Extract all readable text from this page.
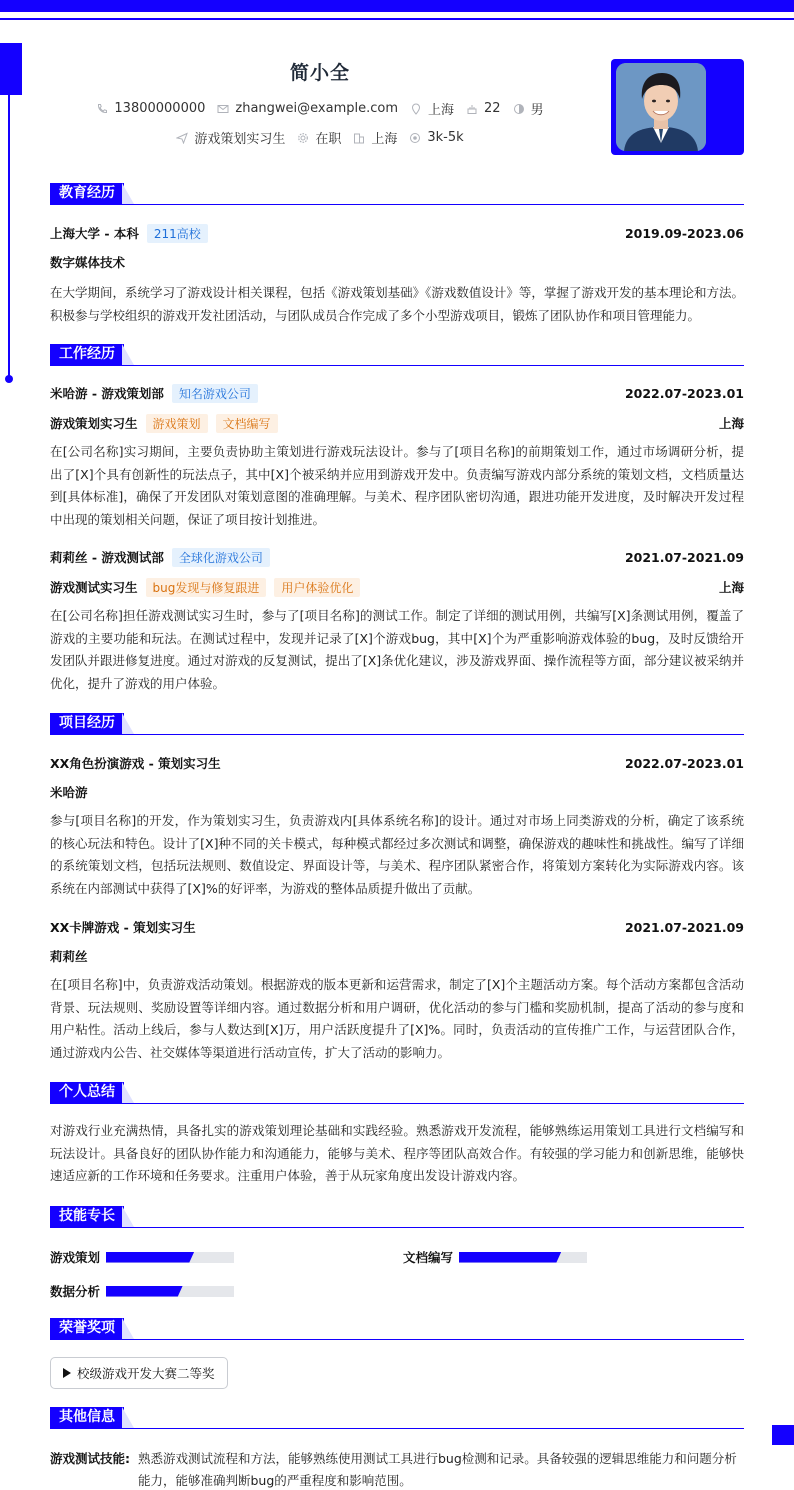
简小全
13800000000 zhangwei@example.com 上海 22 男
游戏策划实习生 在职 上海 3k-5k
教育经历
上海大学 - 本科	211高校	2019.09-2023.06
数字媒体技术
在大学期间，系统学习了游戏设计相关课程，包括《游戏策划基础》《游戏数值设计》等，掌握了游戏开发的基本理论和方法。积极参与学校组织的游戏开发社团活动，与团队成员合作完成了多个小型游戏项目，锻炼了团队协作和项目管理能力。
工作经历
米哈游 - 游戏策划部	知名游戏公司	2022.07-2023.01
游戏策划实习生	游戏策划	文档编写	上海
在[公司名称]实习期间，主要负责协助主策划进行游戏玩法设计。参与了[项目名称]的前期策划工作，通过市场调研分析，提出了[X]个具有创新性的玩法点子，其中[X]个被采纳并应用到游戏开发中。负责编写游戏内部分系统的策划文档，文档质量达到[具体标准]，确保了开发团队对策划意图的准确理解。与美术、程序团队密切沟通，跟进功能开发进度，及时解决开发过程中出现的策划相关问题，保证了项目按计划推进。
莉莉丝 - 游戏测试部	全球化游戏公司	2021.07-2021.09
游戏测试实习生	bug发现与修复跟进	用户体验优化	上海
在[公司名称]担任游戏测试实习生时，参与了[项目名称]的测试工作。制定了详细的测试用例，共编写[X]条测试用例，覆盖了游戏的主要功能和玩法。在测试过程中，发现并记录了[X]个游戏bug，其中[X]个为严重影响游戏体验的bug，及时反馈给开发团队并跟进修复进度。通过对游戏的反复测试，提出了[X]条优化建议，涉及游戏界面、操作流程等方面，部分建议被采纳并优化，提升了游戏的用户体验。
项目经历
XX角色扮演游戏 - 策划实习生	2022.07-2023.01
米哈游
参与[项目名称]的开发，作为策划实习生，负责游戏内[具体系统名称]的设计。通过对市场上同类游戏的分析，确定了该系统的核心玩法和特色。设计了[X]种不同的关卡模式，每种模式都经过多次测试和调整，确保游戏的趣味性和挑战性。编写了详细的系统策划文档，包括玩法规则、数值设定、界面设计等，与美术、程序团队紧密合作，将策划方案转化为实际游戏内容。该系统在内部测试中获得了[X]%的好评率，为游戏的整体品质提升做出了贡献。
XX卡牌游戏 - 策划实习生	2021.07-2021.09
莉莉丝
在[项目名称]中，负责游戏活动策划。根据游戏的版本更新和运营需求，制定了[X]个主题活动方案。每个活动方案都包含活动背景、玩法规则、奖励设置等详细内容。通过数据分析和用户调研，优化活动的参与门槛和奖励机制，提高了活动的参与度和用户粘性。活动上线后，参与人数达到[X]万，用户活跃度提升了[X]%。同时，负责活动的宣传推广工作，与运营团队合作，通过游戏内公告、社交媒体等渠道进行活动宣传，扩大了活动的影响力。
个人总结
对游戏行业充满热情，具备扎实的游戏策划理论基础和实践经验。熟悉游戏开发流程，能够熟练运用策划工具进行文档编写和玩法设计。具备良好的团队协作能力和沟通能力，能够与美术、程序等团队高效合作。有较强的学习能力和创新思维，能够快速适应新的工作环境和任务要求。注重用户体验，善于从玩家角度出发设计游戏内容。
技能专长
游戏策划	文档编写
数据分析
荣誉奖项
校级游戏开发大赛二等奖
其他信息
游戏测试技能: 熟悉游戏测试流程和方法，能够熟练使用测试工具进行bug检测和记录。具备较强的逻辑思维能力和问题分析能力，能够准确判断bug的严重程度和影响范围。
